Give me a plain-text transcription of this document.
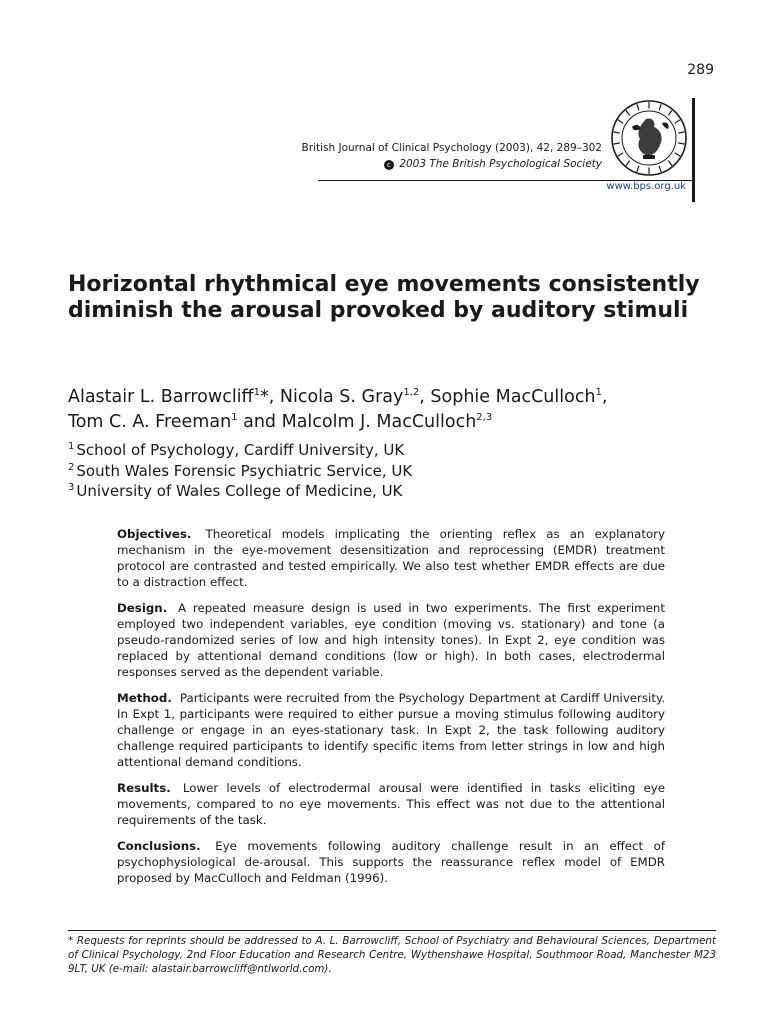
289
British Journal of Clinical Psychology (2003), 42, 289–302
c 2003 The British Psychological Society
www.bps.org.uk
Horizontal rhythmical eye movements consistently diminish the arousal provoked by auditory stimuli
Alastair L. Barrowcliff$^1$*, Nicola S. Gray$^{1,2}$, Sophie MacCulloch$^1$,
Tom C. A. Freeman$^1$ and Malcolm J. MacCulloch$^{2,3}$
$^1$ School of Psychology, Cardiff University, UK
$^2$ South Wales Forensic Psychiatric Service, UK
$^3$ University of Wales College of Medicine, UK

Objectives. Theoretical models implicating the orienting reflex as an explanatory mechanism in the eye-movement desensitization and reprocessing (EMDR) treatment protocol are contrasted and tested empirically. We also test whether EMDR effects are due to a distraction effect.

Design. A repeated measure design is used in two experiments. The first experiment employed two independent variables, eye condition (moving vs. stationary) and tone (a pseudo-randomized series of low and high intensity tones). In Expt 2, eye condition was replaced by attentional demand conditions (low or high). In both cases, electrodermal responses served as the dependent variable.

Method. Participants were recruited from the Psychology Department at Cardiff University. In Expt 1, participants were required to either pursue a moving stimulus following auditory challenge or engage in an eyes-stationary task. In Expt 2, the task following auditory challenge required participants to identify specific items from letter strings in low and high attentional demand conditions.

Results. Lower levels of electrodermal arousal were identified in tasks eliciting eye movements, compared to no eye movements. This effect was not due to the attentional requirements of the task.

Conclusions. Eye movements following auditory challenge result in an effect of psychophysiological de-arousal. This supports the reassurance reflex model of EMDR proposed by MacCulloch and Feldman (1996).

* Requests for reprints should be addressed to A. L. Barrowcliff, School of Psychiatry and Behavioural Sciences, Department of Clinical Psychology, 2nd Floor Education and Research Centre, Wythenshawe Hospital, Southmoor Road, Manchester M23 9LT, UK (e-mail: alastair.barrowcliff@ntlworld.com).
